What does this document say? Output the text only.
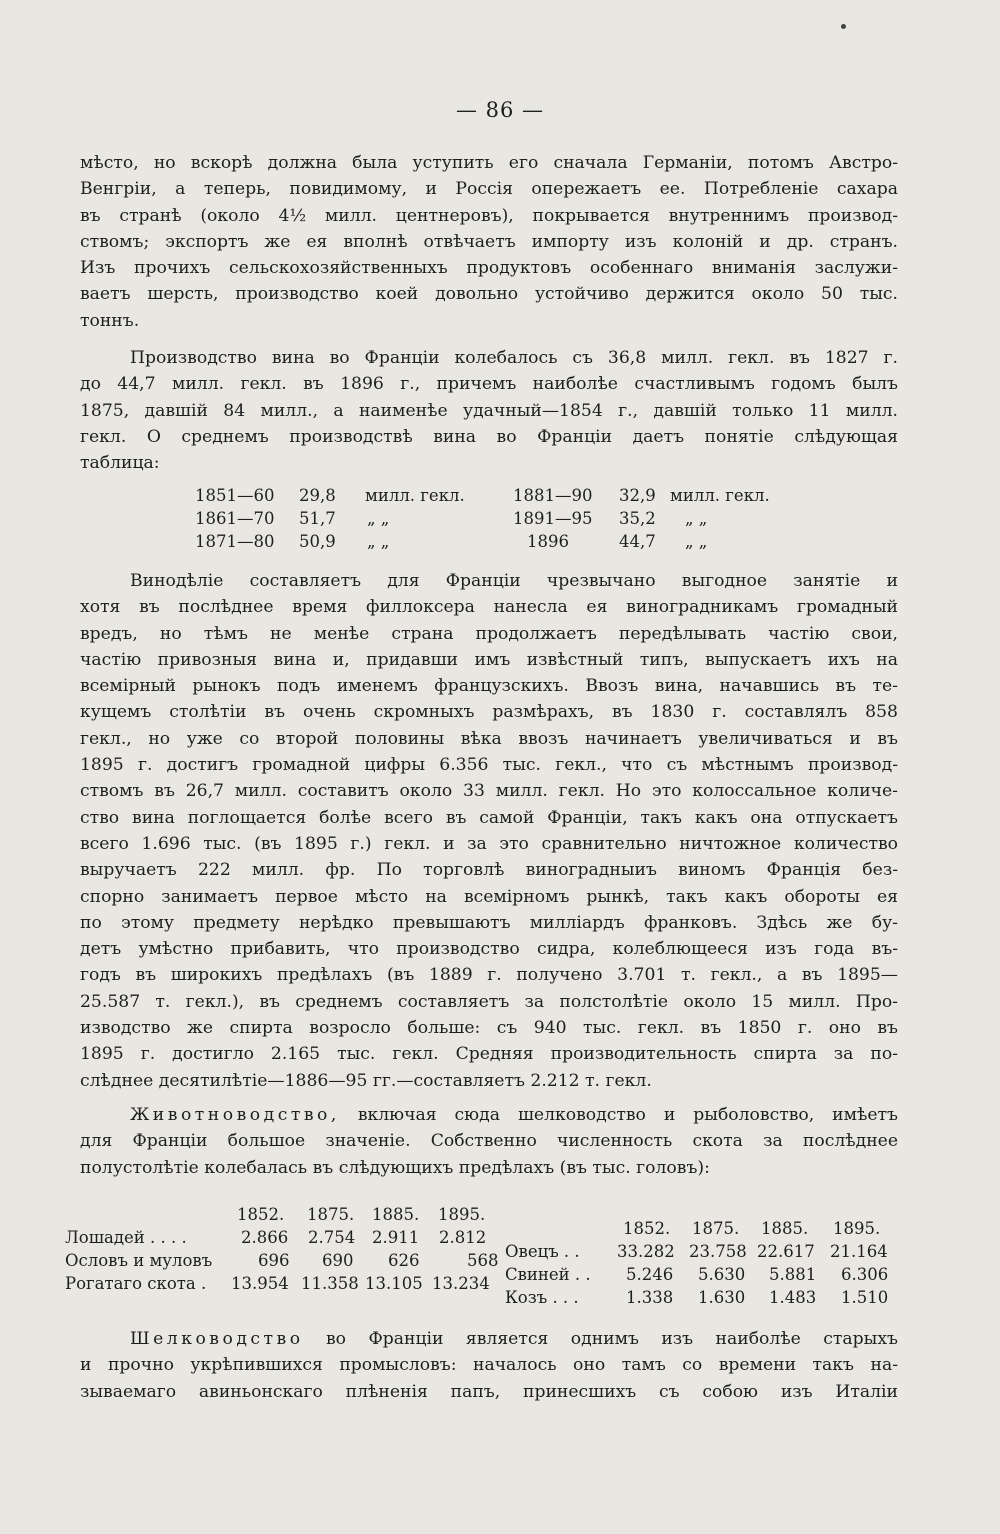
— 86 —
мѣсто, но вскорѣ должна была уступить его сначала Германіи, потомъ Австро-
Венгріи, а теперь, повидимому, и Россія опережаетъ ее. Потребленіе сахара
въ странѣ (около 4½ милл. центнеровъ), покрывается внутреннимъ производ-
ствомъ; экспортъ же ея вполнѣ отвѣчаетъ импорту изъ колоній и др. странъ.
Изъ прочихъ сельскохозяйственныхъ продуктовъ особеннаго вниманія заслужи-
ваетъ шерсть, производство коей довольно устойчиво держится около 50 тыс.
тоннъ.
Производство вина во Франціи колебалось съ 36,8 милл. гекл. въ 1827 г.
до 44,7 милл. гекл. въ 1896 г., причемъ наиболѣе счастливымъ годомъ былъ
1875, давшій 84 милл., а наименѣе удачный—1854 г., давшій только 11 милл.
гекл. О среднемъ производствѣ вина во Франціи даетъ понятіе слѣдующая
таблица:
1851—60 29,8 милл. гекл.	1881—90 32,9 милл. гекл.
1861—70 51,7 „ „	1891—95 35,2 „ „
1871—80 50,9 „ „	1896	44,7 „ „
Винодѣліе составляетъ для Франціи чрезвычано выгодное занятіе и
хотя въ послѣднее время филлоксера нанесла ея виноградникамъ громадный
вредъ, но тѣмъ не менѣе страна продолжаетъ передѣлывать частію свои,
частію привозныя вина и, придавши имъ извѣстный типъ, выпускаетъ ихъ на
всемірный рынокъ подъ именемъ французскихъ. Ввозъ вина, начавшись въ те-
кущемъ столѣтіи въ очень скромныхъ размѣрахъ, въ 1830 г. составлялъ 858
гекл., но уже со второй половины вѣка ввозъ начинаетъ увеличиваться и въ
1895 г. достигъ громадной цифры 6.356 тыс. гекл., что съ мѣстнымъ производ-
ствомъ въ 26,7 милл. составитъ около 33 милл. гекл. Но это колоссальное количе-
ство вина поглощается болѣе всего въ самой Франціи, такъ какъ она отпускаетъ
всего 1.696 тыс. (въ 1895 г.) гекл. и за это сравнительно ничтожное количество
выручаетъ 222 милл. фр. По торговлѣ виноградныиъ виномъ Франція без-
спорно занимаетъ первое мѣсто на всемірномъ рынкѣ, такъ какъ обороты ея
по этому предмету нерѣдко превышаютъ милліардъ франковъ. Здѣсь же бу-
детъ умѣстно прибавить, что производство сидра, колеблющееся изъ года въ-
годъ въ широкихъ предѣлахъ (въ 1889 г. получено 3.701 т. гекл., а въ 1895—
25.587 т. гекл.), въ среднемъ составляетъ за полстолѣтіе около 15 милл. Про-
изводство же спирта возросло больше: съ 940 тыс. гекл. въ 1850 г. оно въ
1895 г. достигло 2.165 тыс. гекл. Средняя производительность спирта за по-
слѣднее десятилѣтіе—1886—95 гг.—составляетъ 2.212 т. гекл.
Животноводство, включая сюда шелководство и рыболовство, имѣетъ
для Франціи большое значеніе. Собственно численность скота за послѣднее
полустолѣтіе колебалась въ слѣдующихъ предѣлахъ (въ тыс. головъ):
1852. 1875. 1885. 1895.
Лошадей . . . .	2.866 2.754 2.911 2.812
Ословъ и муловъ	696 690 626	568
Рогатаго скота . 13.954 11.358 13.105 13.234
1852. 1875. 1885. 1895.
Овецъ . . 33.282 23.758 22.617 21.164
Свиней . . 5.246 5.630 5.881 6.306
Козъ . . .	1.338 1.630 1.483 1.510
Шелководство во Франціи является однимъ изъ наиболѣе старыхъ
и прочно укрѣпившихся промысловъ: началось оно тамъ со времени такъ на-
зываемаго авиньонскаго плѣненія папъ, принесшихъ съ собою изъ Италіи
